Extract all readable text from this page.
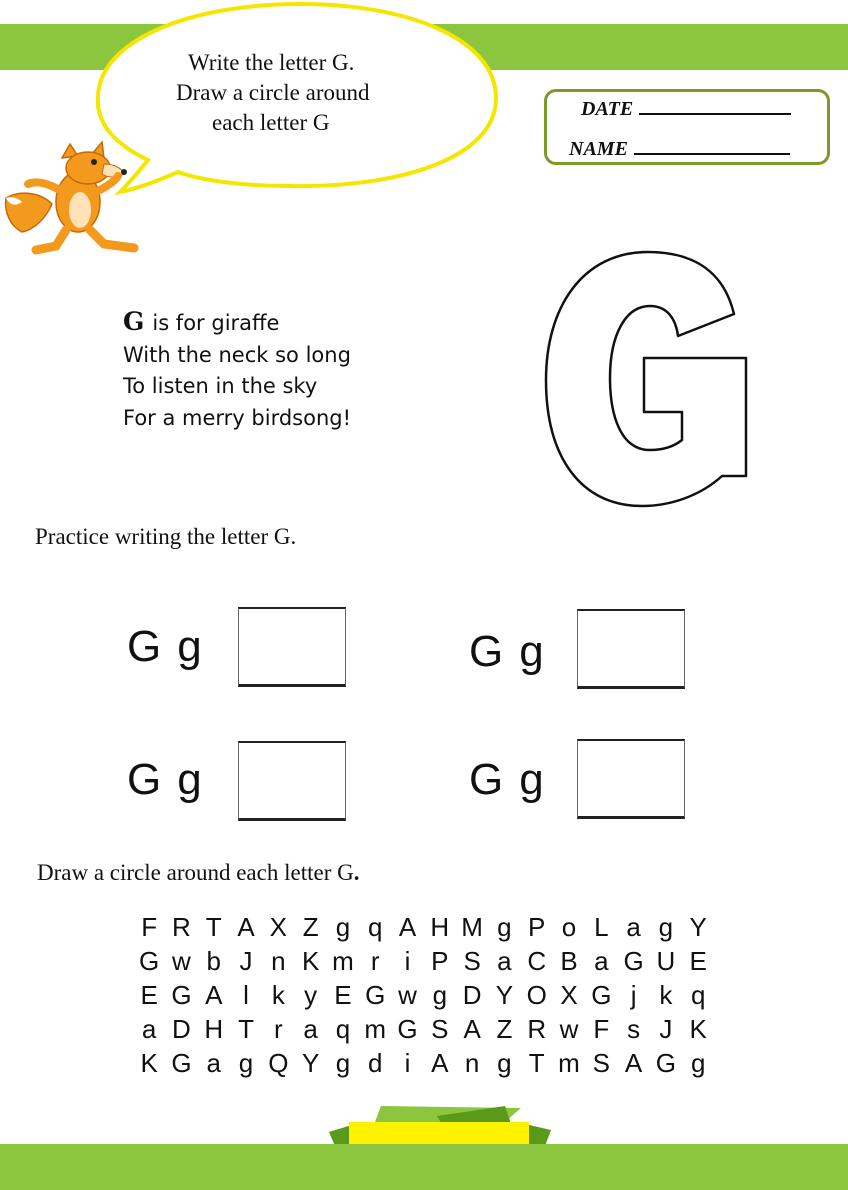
Write the letter G.
Draw a circle around
each letter G
DATE
NAME
G is for giraffe
With the neck so long
To listen in the sky
For a merry birdsong!
Practice writing the letter G.
G g	G g
G g	G g
Draw a circle around each letter G.
F R T A X Z g q A H M g P o L a g Y
G w b J n K m r i P S a C B a G U E
E G A l k y E G w g D Y O X G j k q
a D H T r a q m G S A Z R w F s J K
K G a g Q Y g d i A n g T m S A G g
